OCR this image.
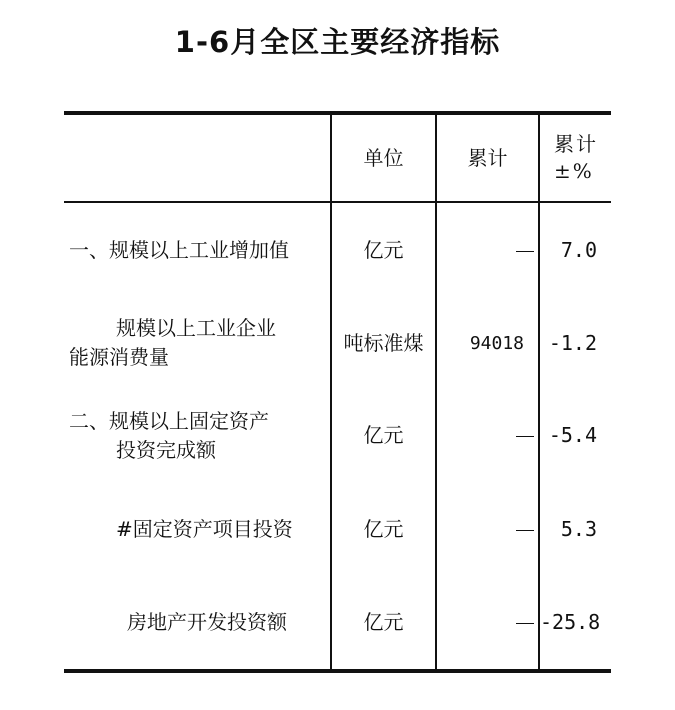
1-6月全区主要经济指标
	单位	累计	累计
±%

一、规模以上工业增加值	亿元		7.0

规模以上工业企业
能源消费量	吨标准煤	94018	-1.2

二、规模以上固定资产
投资完成额	亿元		-5.4

#固定资产项目投资	亿元		5.3

房地产开发投资额	亿元		-25.8
